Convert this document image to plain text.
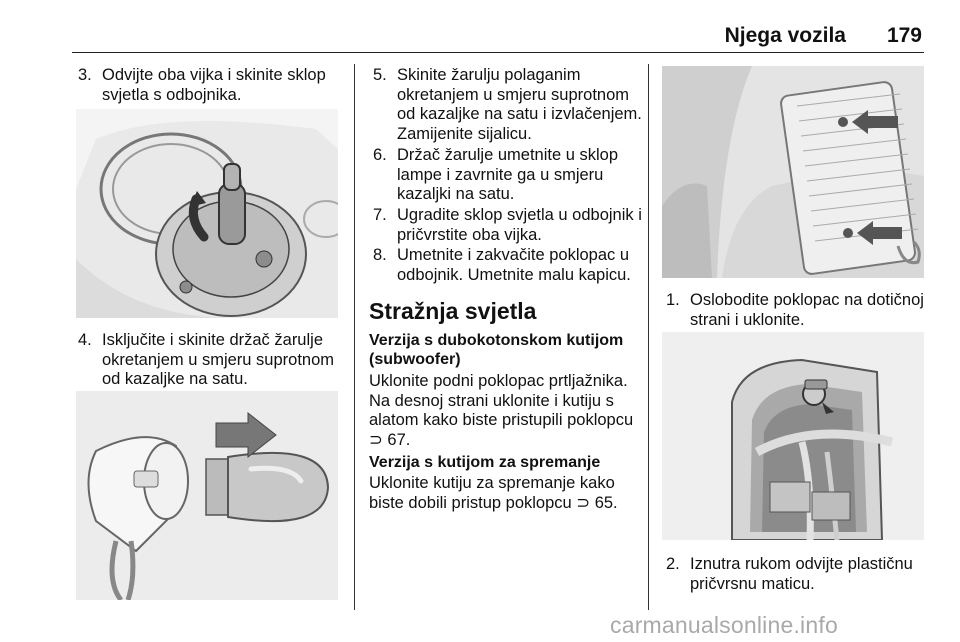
Njega vozila 179
3. Odvijte oba vijka i skinite sklop
svjetla s odbojnika.
4. Isključite i skinite držač žarulje
okretanjem u smjeru suprotnom
od kazaljke na satu.
5. Skinite žarulju polaganim
okretanjem u smjeru suprotnom
od kazaljke na satu i izvlačenjem.
Zamijenite sijalicu.
6. Držač žarulje umetnite u sklop
lampe i zavrnite ga u smjeru
kazaljki na satu.
7. Ugradite sklop svjetla u odbojnik i
pričvrstite oba vijka.
8. Umetnite i zakvačite poklopac u
odbojnik. Umetnite malu kapicu.
Stražnja svjetla
Verzija s dubokotonskom kutijom
(subwoofer)
Uklonite podni poklopac prtljažnika.
Na desnoj strani uklonite i kutiju s
alatom kako biste pristupili poklopcu
⊃ 67.
Verzija s kutijom za spremanje
Uklonite kutiju za spremanje kako
biste dobili pristup poklopcu ⊃ 65.
1. Oslobodite poklopac na dotičnoj
strani i uklonite.
2. Iznutra rukom odvijte plastičnu
pričvrsnu maticu.
carmanualsonline.info
